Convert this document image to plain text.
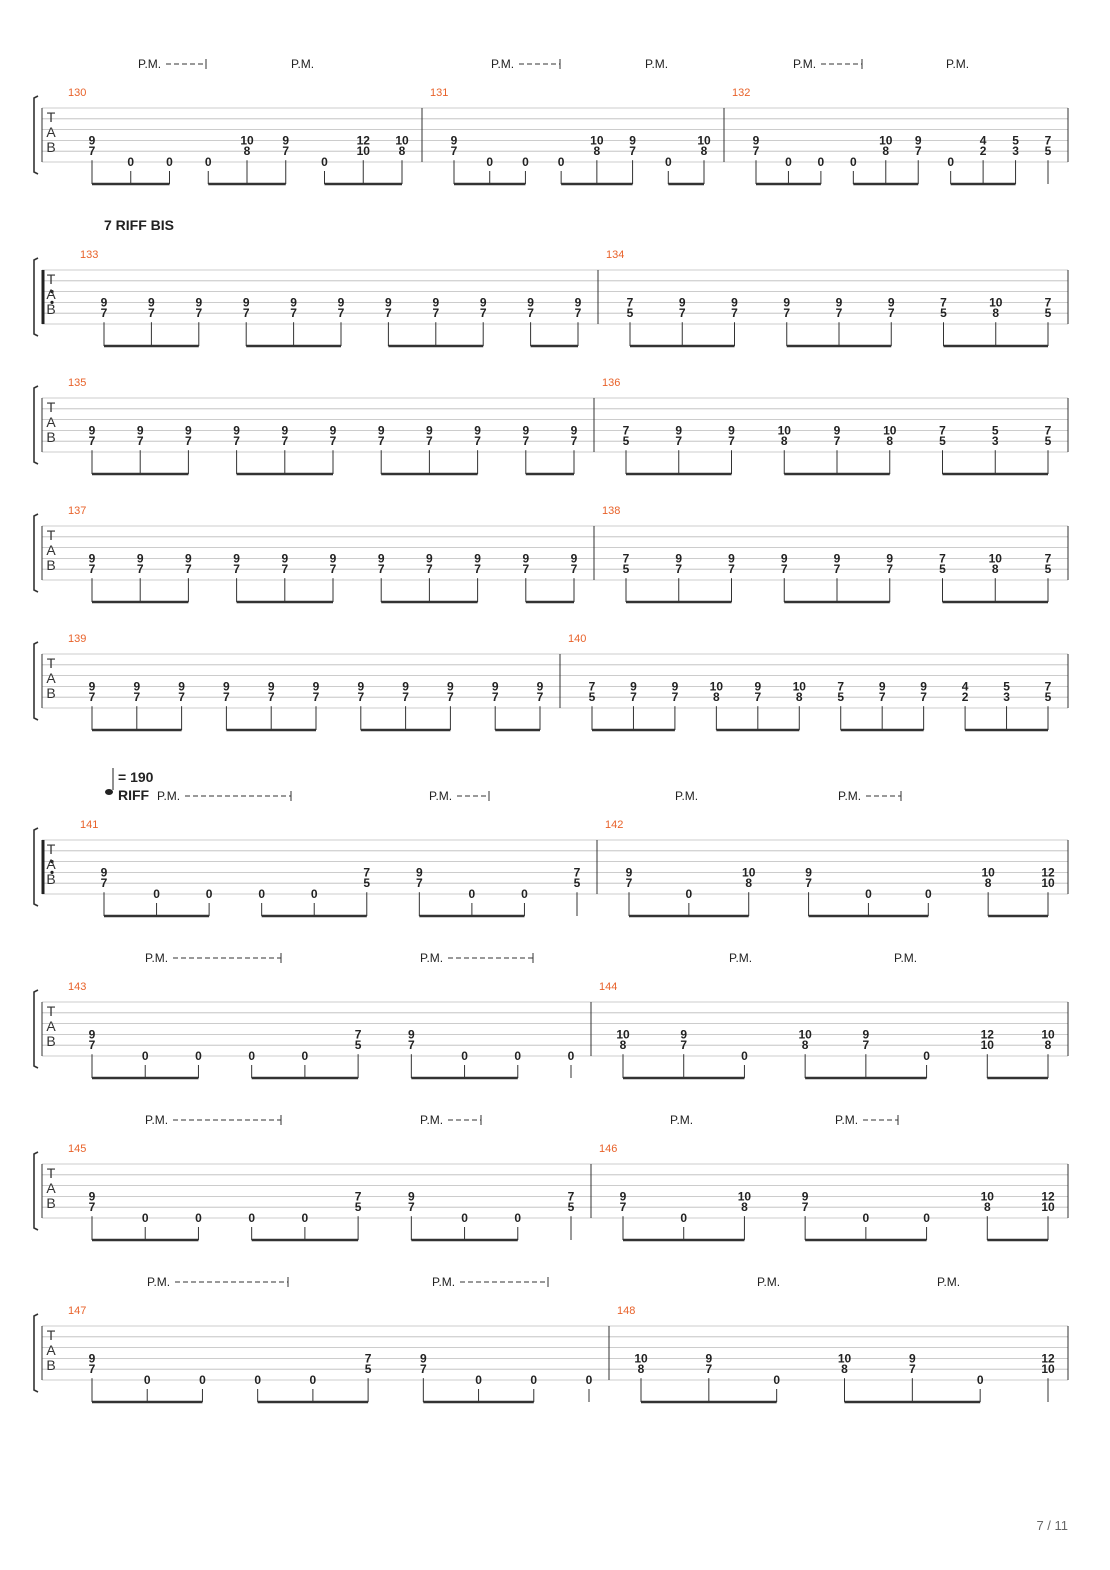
T
A
B
130
9
7
0	0	0
10
8
9
7
0
12
10
10
8
131
9
7
0 0 0
10
8
9
7
0
10
8
132
9
7
0 0 0
10
8
9
7
0
4
2
5
3
7
5
P.M.	P.M.	P.M.	P.M.	P.M.	P.M.
T
A
B
133
9
7
9
7
9
7
9
7
9
7
9
7
9
7
9
7
9
7
9
7
9
7
134
7
5
9
7
9
7
9
7
9
7
9
7
7
5
10
8
7
5
T
A
B
135
9
7
9
7
9
7
9
7
9
7
9
7
9
7
9
7
9
7
9
7
9
7
136
7
5
9
7
9
7
10
8
9
7
10
8
7
5
5
3
7
5
T
A
B
137
9
7
9
7
9
7
9
7
9
7
9
7
9
7
9
7
9
7
9
7
9
7
138
7
5
9
7
9
7
9
7
9
7
9
7
7
5
10
8
7
5
T
A
B
139
9
7
9
7
9
7
9
7
9
7
9
7
9
7
9
7
9
7
9
7
9
7
140
7
5
9
7
9
7
10
8
9
7
10
8
7
5
9
7
9
7
4
2
5
3
7
5
T
A
B
141
9
7
0	0	0	0
7
5
9
7
0	0
7
5
142
9
7
0
10
8
9
7
0	0
10
8
12
10
P.M.	P.M.	P.M.	P.M.
T
A
B
143
9
7
0	0	0	0
7
5
9
7
0	0	0
144
10
8
9
7
0
10
8
9
7
0
12
10
10
8
P.M.	P.M.	P.M.	P.M.
T
A
B
145
9
7
0	0	0	0
7
5
9
7
0	0
7
5
146
9
7
0
10
8
9
7
0	0
10
8
12
10
P.M.	P.M.	P.M.	P.M.
T
A
B
147
9
7
0	0	0	0
7
5
9
7
0	0	0
148
10
8
9
7
0
10
8
9
7
0
12
10
P.M.	P.M.	P.M.	P.M.
7 RIFF BIS
RIFF
= 190
7 / 11
